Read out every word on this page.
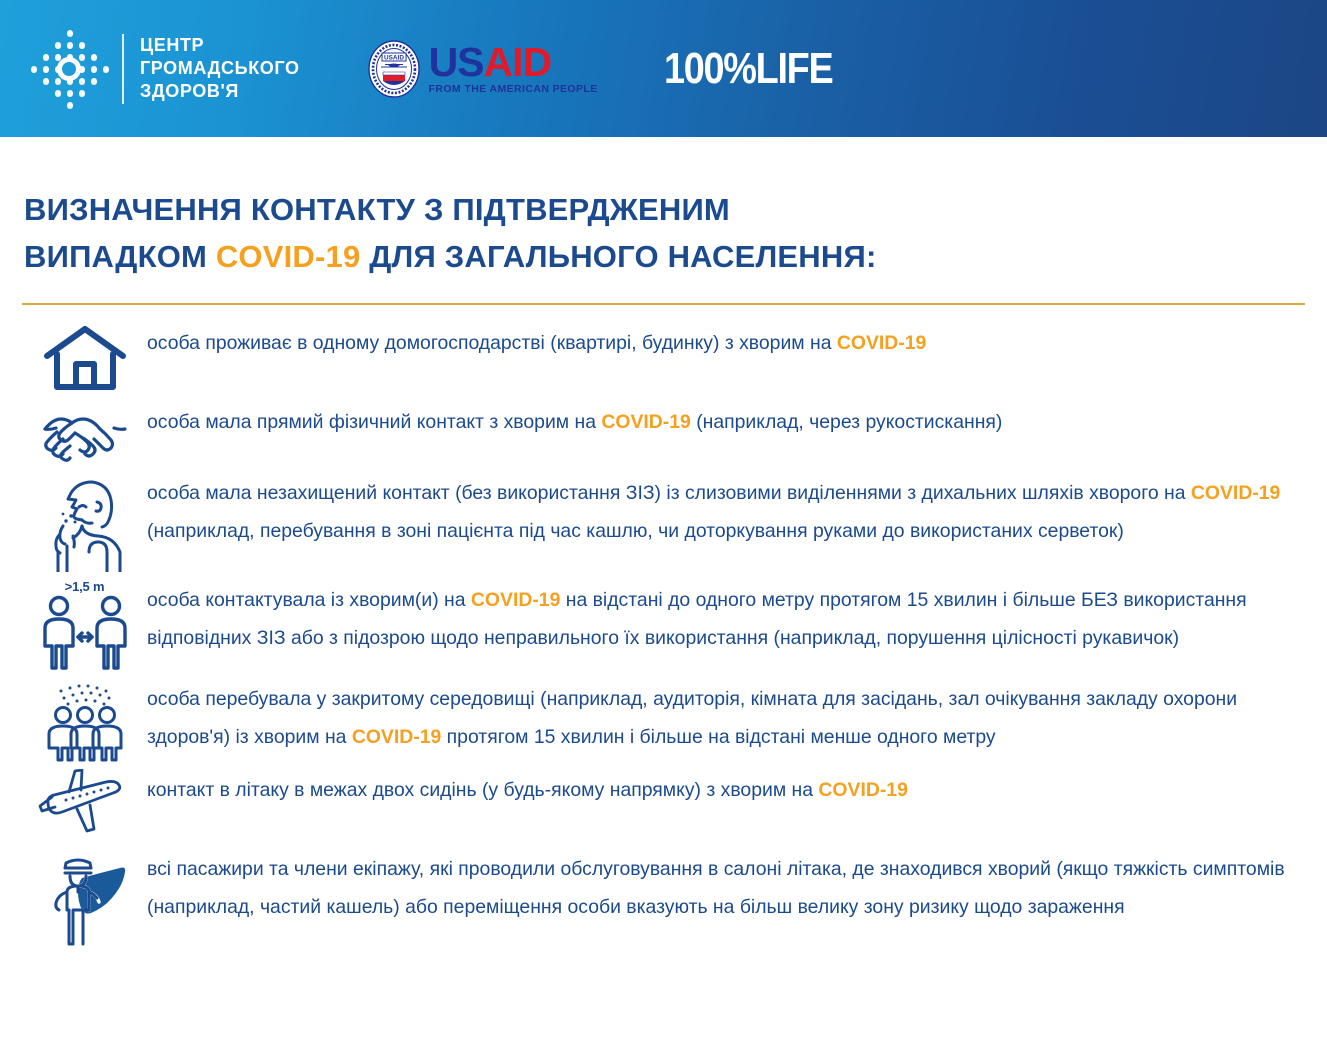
ЦЕНТР
ГРОМАДСЬКОГО
ЗДОРОВ'Я
USAID USAID
FROM THE AMERICAN PEOPLE 100%LIFE
ВИЗНАЧЕННЯ КОНТАКТУ З ПІДТВЕРДЖЕНИМ
ВИПАДКОМ COVID-19 ДЛЯ ЗАГАЛЬНОГО НАСЕЛЕННЯ:
особа проживає в одному домогосподарстві (квартирі, будинку) з хворим на COVID-19
особа мала прямий фізичний контакт з хворим на COVID-19 (наприклад, через рукостискання)
особа мала незахищений контакт (без використання ЗІЗ) із слизовими виділеннями з дихальних шляхів хворого на COVID-19 (наприклад, перебування в зоні пацієнта під час кашлю, чи доторкування руками до використаних серветок)
>1,5 m
особа контактувала із хворим(и) на COVID-19 на відстані до одного метру протягом 15 хвилин і більше БЕЗ використання відповідних ЗІЗ або з підозрою щодо неправильного їх використання (наприклад, порушення цілісності рукавичок)
особа перебувала у закритому середовищі (наприклад, аудиторія, кімната для засідань, зал очікування закладу охорони здоров'я) із хворим на COVID-19 протягом 15 хвилин і більше на відстані менше одного метру
контакт в літаку в межах двох сидінь (у будь-якому напрямку) з хворим на COVID-19
всі пасажири та члени екіпажу, які проводили обслуговування в салоні літака, де знаходився хворий (якщо тяжкість симптомів (наприклад, частий кашель) або переміщення особи вказують на більш велику зону ризику щодо зараження
